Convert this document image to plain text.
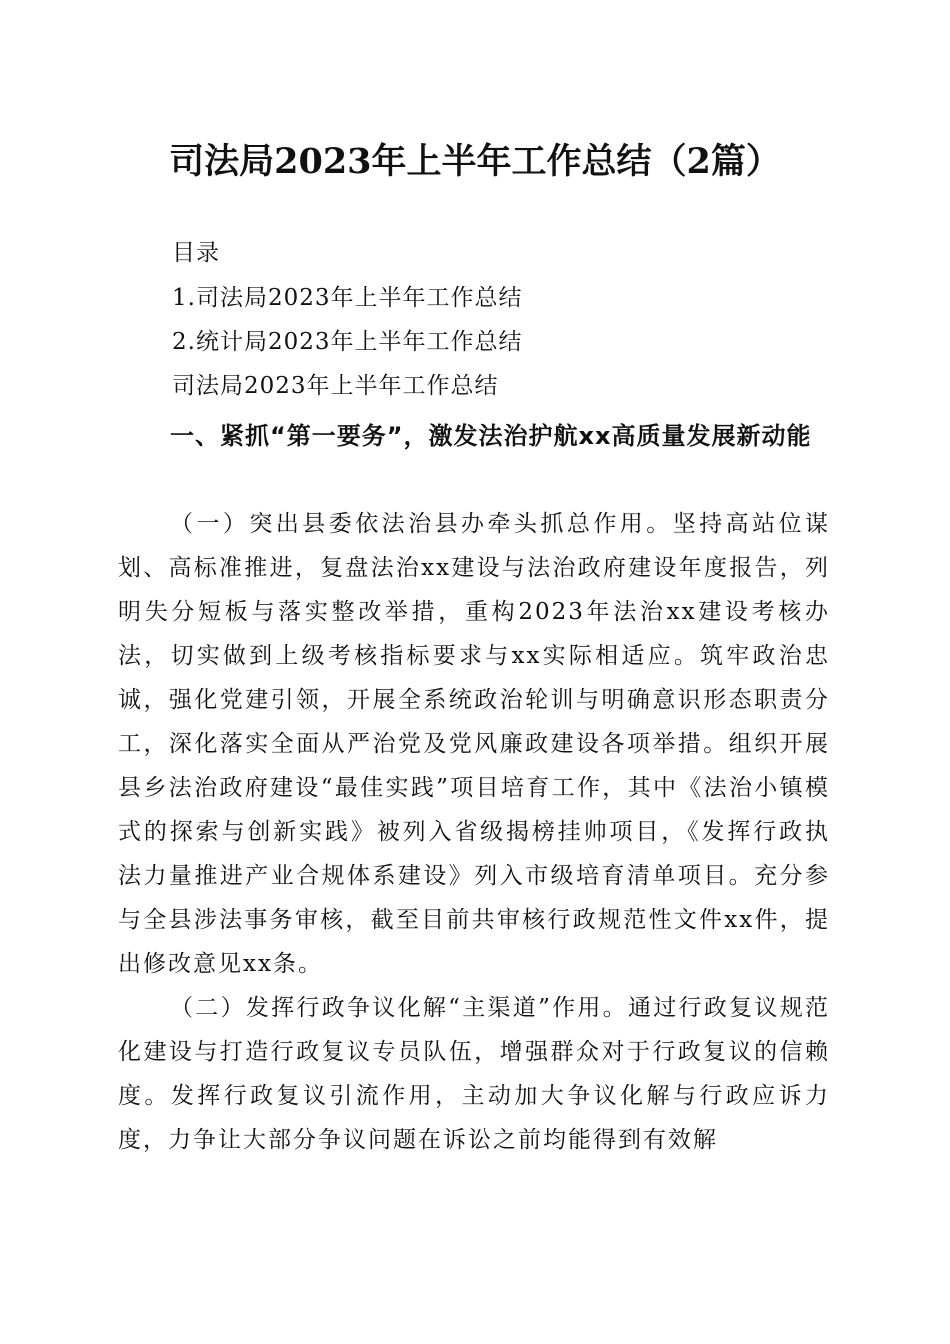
司法局2023年上半年工作总结（2篇）
目录
1.司法局2023年上半年工作总结
2.统计局2023年上半年工作总结
司法局2023年上半年工作总结
一、紧抓“第一要务”，激发法治护航xx高质量发展新动能

（一）突出县委依法治县办牵头抓总作用。坚持高站位谋划、高标准推进，复盘法治xx建设与法治政府建设年度报告，列明失分短板与落实整改举措，重构2023年法治xx建设考核办法，切实做到上级考核指标要求与xx实际相适应。筑牢政治忠诚，强化党建引领，开展全系统政治轮训与明确意识形态职责分工，深化落实全面从严治党及党风廉政建设各项举措。组织开展县乡法治政府建设“最佳实践”项目培育工作，其中《法治小镇模式的探索与创新实践》被列入省级揭榜挂帅项目，《发挥行政执法力量推进产业合规体系建设》列入市级培育清单项目。充分参与全县涉法事务审核，截至目前共审核行政规范性文件xx件，提出修改意见xx条。

（二）发挥行政争议化解“主渠道”作用。通过行政复议规范化建设与打造行政复议专员队伍，增强群众对于行政复议的信赖度。发挥行政复议引流作用，主动加大争议化解与行政应诉力度，力争让大部分争议问题在诉讼之前均能得到有效解
